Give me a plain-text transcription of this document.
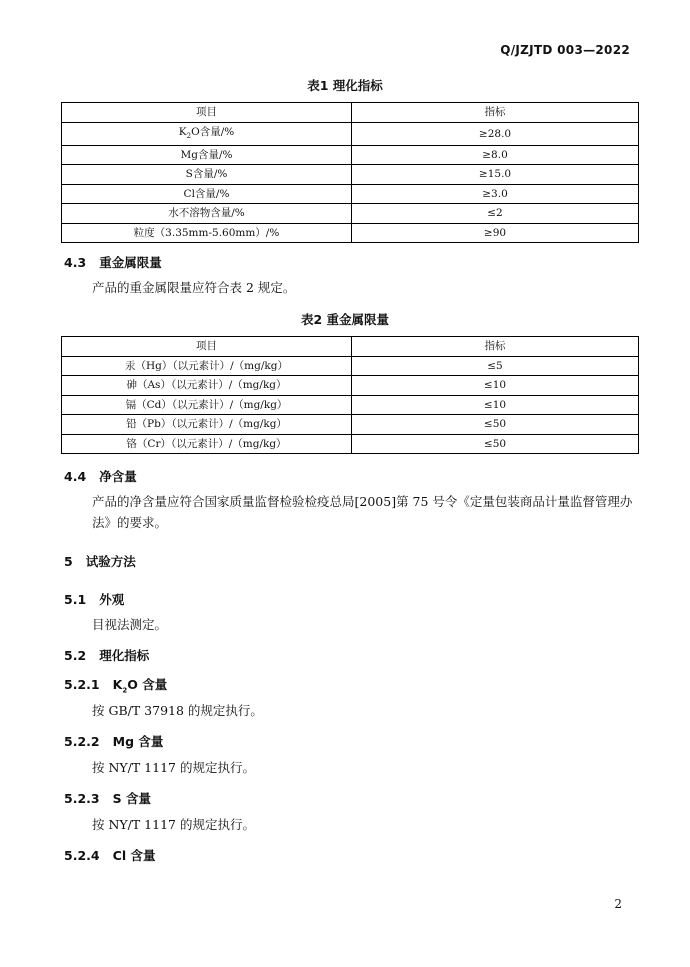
Q/JZJTD 003—2022
表1 理化指标
项目	指标
$K_2O$含量/%	≥28.0
Mg含量/%	≥8.0
S含量/%	≥15.0
Cl含量/%	≥3.0
水不溶物含量/%	≤2
粒度（3.35mm-5.60mm）/%	≥90
4.3 重金属限量
产品的重金属限量应符合表 2 规定。
表2 重金属限量
项目	指标
汞（Hg）（以元素计）/（mg/kg）	≤5
砷（As）（以元素计）/（mg/kg）	≤10
镉（Cd）（以元素计）/（mg/kg）	≤10
铅（Pb）（以元素计）/（mg/kg）	≤50
铬（Cr）（以元素计）/（mg/kg）	≤50
4.4 净含量
产品的净含量应符合国家质量监督检验检疫总局[2005]第 75 号令《定量包装商品计量监督管理办法》的要求。
5 试验方法
5.1 外观
目视法测定。
5.2 理化指标
5.2.1 $K_2O$ 含量
按 GB/T 37918 的规定执行。
5.2.2 Mg 含量
按 NY/T 1117 的规定执行。
5.2.3 S 含量
按 NY/T 1117 的规定执行。
5.2.4 Cl 含量
2
